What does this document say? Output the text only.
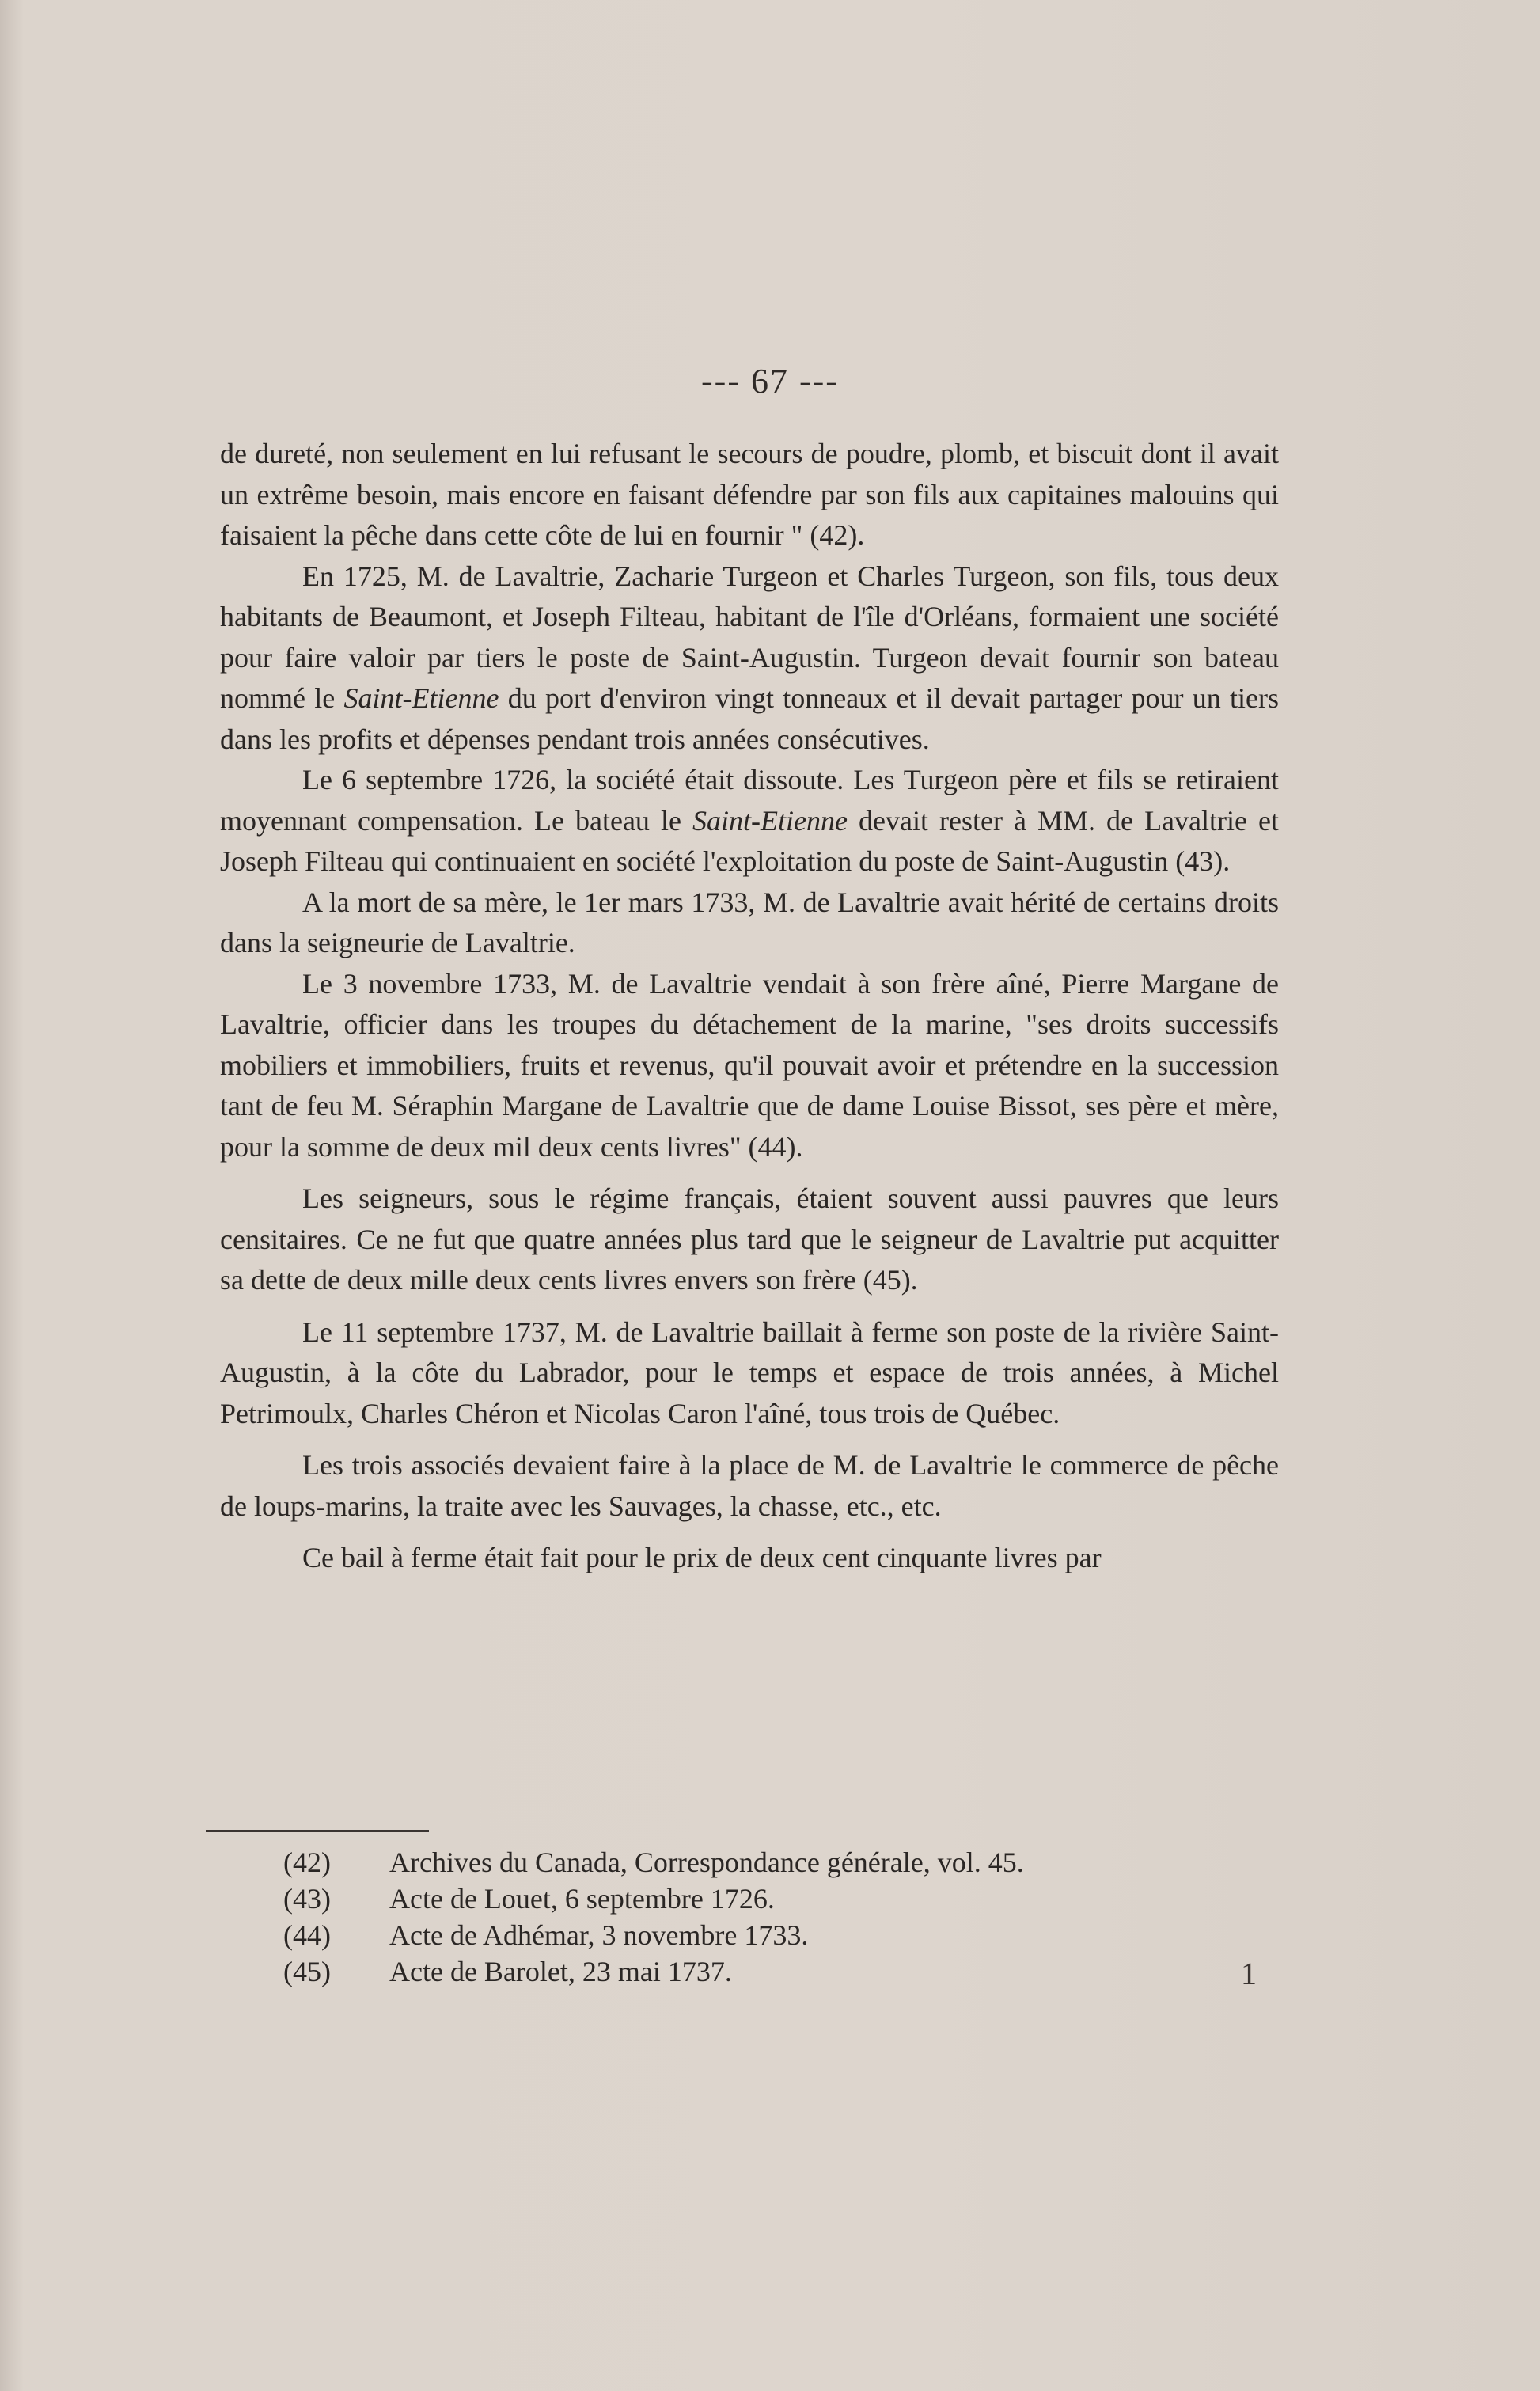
--- 67 ---

de dureté, non seulement en lui refusant le secours de poudre, plomb, et biscuit dont il avait un extrême besoin, mais encore en faisant défendre par son fils aux capitaines malouins qui faisaient la pêche dans cette côte de lui en fournir " (42).

En 1725, M. de Lavaltrie, Zacharie Turgeon et Charles Turgeon, son fils, tous deux habitants de Beaumont, et Joseph Filteau, habitant de l'île d'Orléans, formaient une société pour faire valoir par tiers le poste de Saint-Augustin. Turgeon devait fournir son bateau nommé le Saint-Etienne du port d'environ vingt tonneaux et il devait partager pour un tiers dans les profits et dépenses pendant trois années consécutives.

Le 6 septembre 1726, la société était dissoute. Les Turgeon père et fils se retiraient moyennant compensation. Le bateau le Saint-Etienne devait rester à MM. de Lavaltrie et Joseph Filteau qui continuaient en société l'exploitation du poste de Saint-Augustin (43).

A la mort de sa mère, le 1er mars 1733, M. de Lavaltrie avait hérité de certains droits dans la seigneurie de Lavaltrie.

Le 3 novembre 1733, M. de Lavaltrie vendait à son frère aîné, Pierre Margane de Lavaltrie, officier dans les troupes du détachement de la marine, "ses droits successifs mobiliers et immobiliers, fruits et revenus, qu'il pouvait avoir et prétendre en la succession tant de feu M. Séraphin Margane de Lavaltrie que de dame Louise Bissot, ses père et mère, pour la somme de deux mil deux cents livres" (44).

Les seigneurs, sous le régime français, étaient souvent aussi pauvres que leurs censitaires. Ce ne fut que quatre années plus tard que le seigneur de Lavaltrie put acquitter sa dette de deux mille deux cents livres envers son frère (45).

Le 11 septembre 1737, M. de Lavaltrie baillait à ferme son poste de la rivière Saint-Augustin, à la côte du Labrador, pour le temps et espace de trois années, à Michel Petrimoulx, Charles Chéron et Nicolas Caron l'aîné, tous trois de Québec.

Les trois associés devaient faire à la place de M. de Lavaltrie le commerce de pêche de loups-marins, la traite avec les Sauvages, la chasse, etc., etc.

Ce bail à ferme était fait pour le prix de deux cent cinquante livres par

(42)	Archives du Canada, Correspondance générale, vol. 45.
(43)	Acte de Louet, 6 septembre 1726.
(44)	Acte de Adhémar, 3 novembre 1733.
(45)	Acte de Barolet, 23 mai 1737.	1
